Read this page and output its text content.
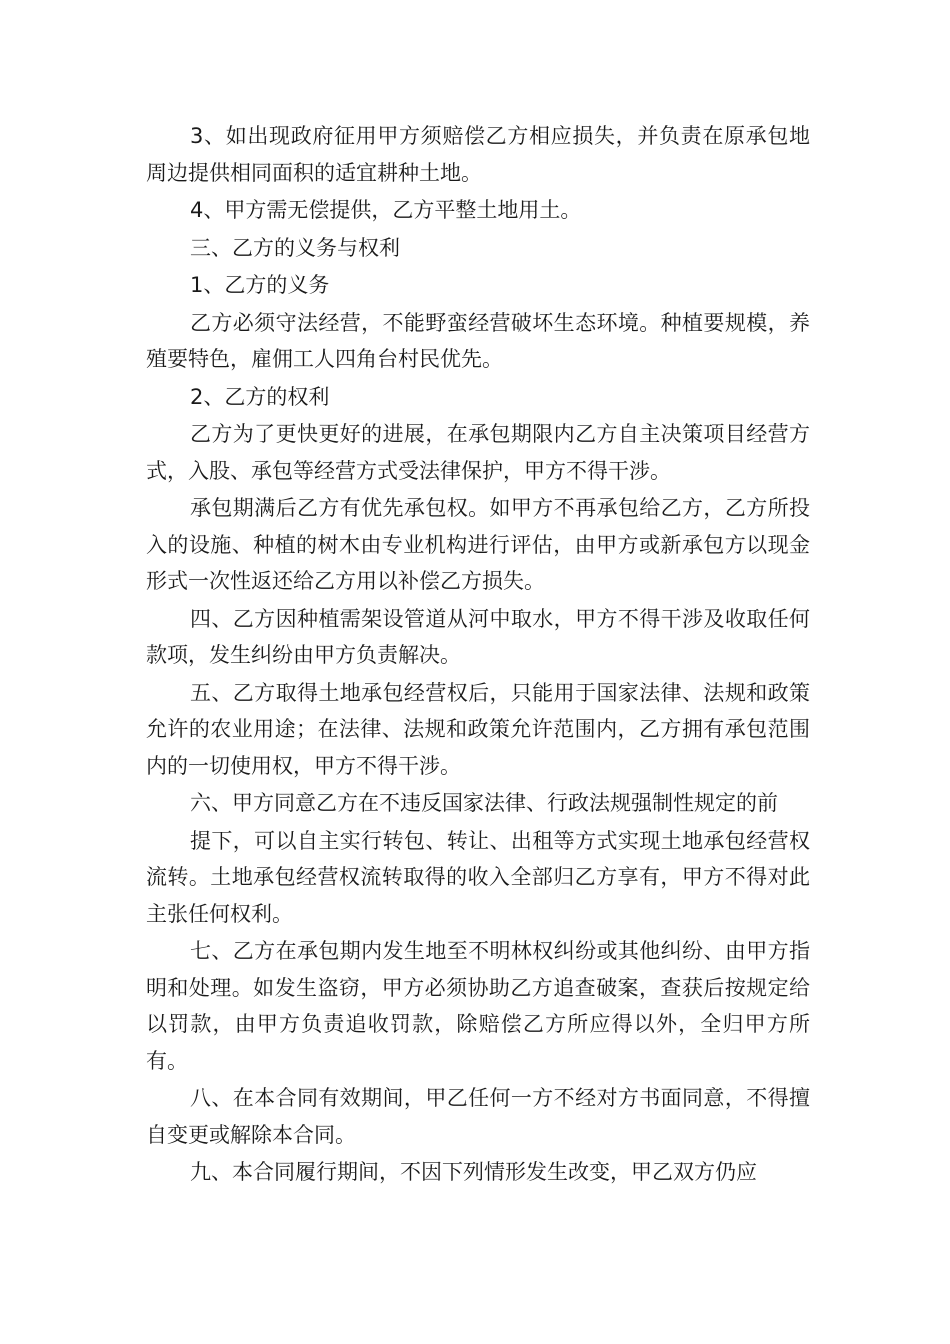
3、如出现政府征用甲方须赔偿乙方相应损失，并负责在原承包地周边提供相同面积的适宜耕种土地。

4、甲方需无偿提供，乙方平整土地用土。

三、乙方的义务与权利

1、乙方的义务

乙方必须守法经营，不能野蛮经营破坏生态环境。种植要规模，养殖要特色，雇佣工人四角台村民优先。

2、乙方的权利

乙方为了更快更好的进展，在承包期限内乙方自主决策项目经营方式，入股、承包等经营方式受法律保护，甲方不得干涉。

承包期满后乙方有优先承包权。如甲方不再承包给乙方，乙方所投入的设施、种植的树木由专业机构进行评估，由甲方或新承包方以现金形式一次性返还给乙方用以补偿乙方损失。

四、乙方因种植需架设管道从河中取水，甲方不得干涉及收取任何款项，发生纠纷由甲方负责解决。

五、乙方取得土地承包经营权后，只能用于国家法律、法规和政策允许的农业用途；在法律、法规和政策允许范围内，乙方拥有承包范围内的一切使用权，甲方不得干涉。

六、甲方同意乙方在不违反国家法律、行政法规强制性规定的前

提下，可以自主实行转包、转让、出租等方式实现土地承包经营权流转。土地承包经营权流转取得的收入全部归乙方享有，甲方不得对此主张任何权利。

七、乙方在承包期内发生地至不明林权纠纷或其他纠纷、由甲方指明和处理。如发生盗窃，甲方必须协助乙方追查破案，查获后按规定给以罚款，由甲方负责追收罚款，除赔偿乙方所应得以外，全归甲方所有。

八、在本合同有效期间，甲乙任何一方不经对方书面同意，不得擅自变更或解除本合同。

九、本合同履行期间，不因下列情形发生改变，甲乙双方仍应
